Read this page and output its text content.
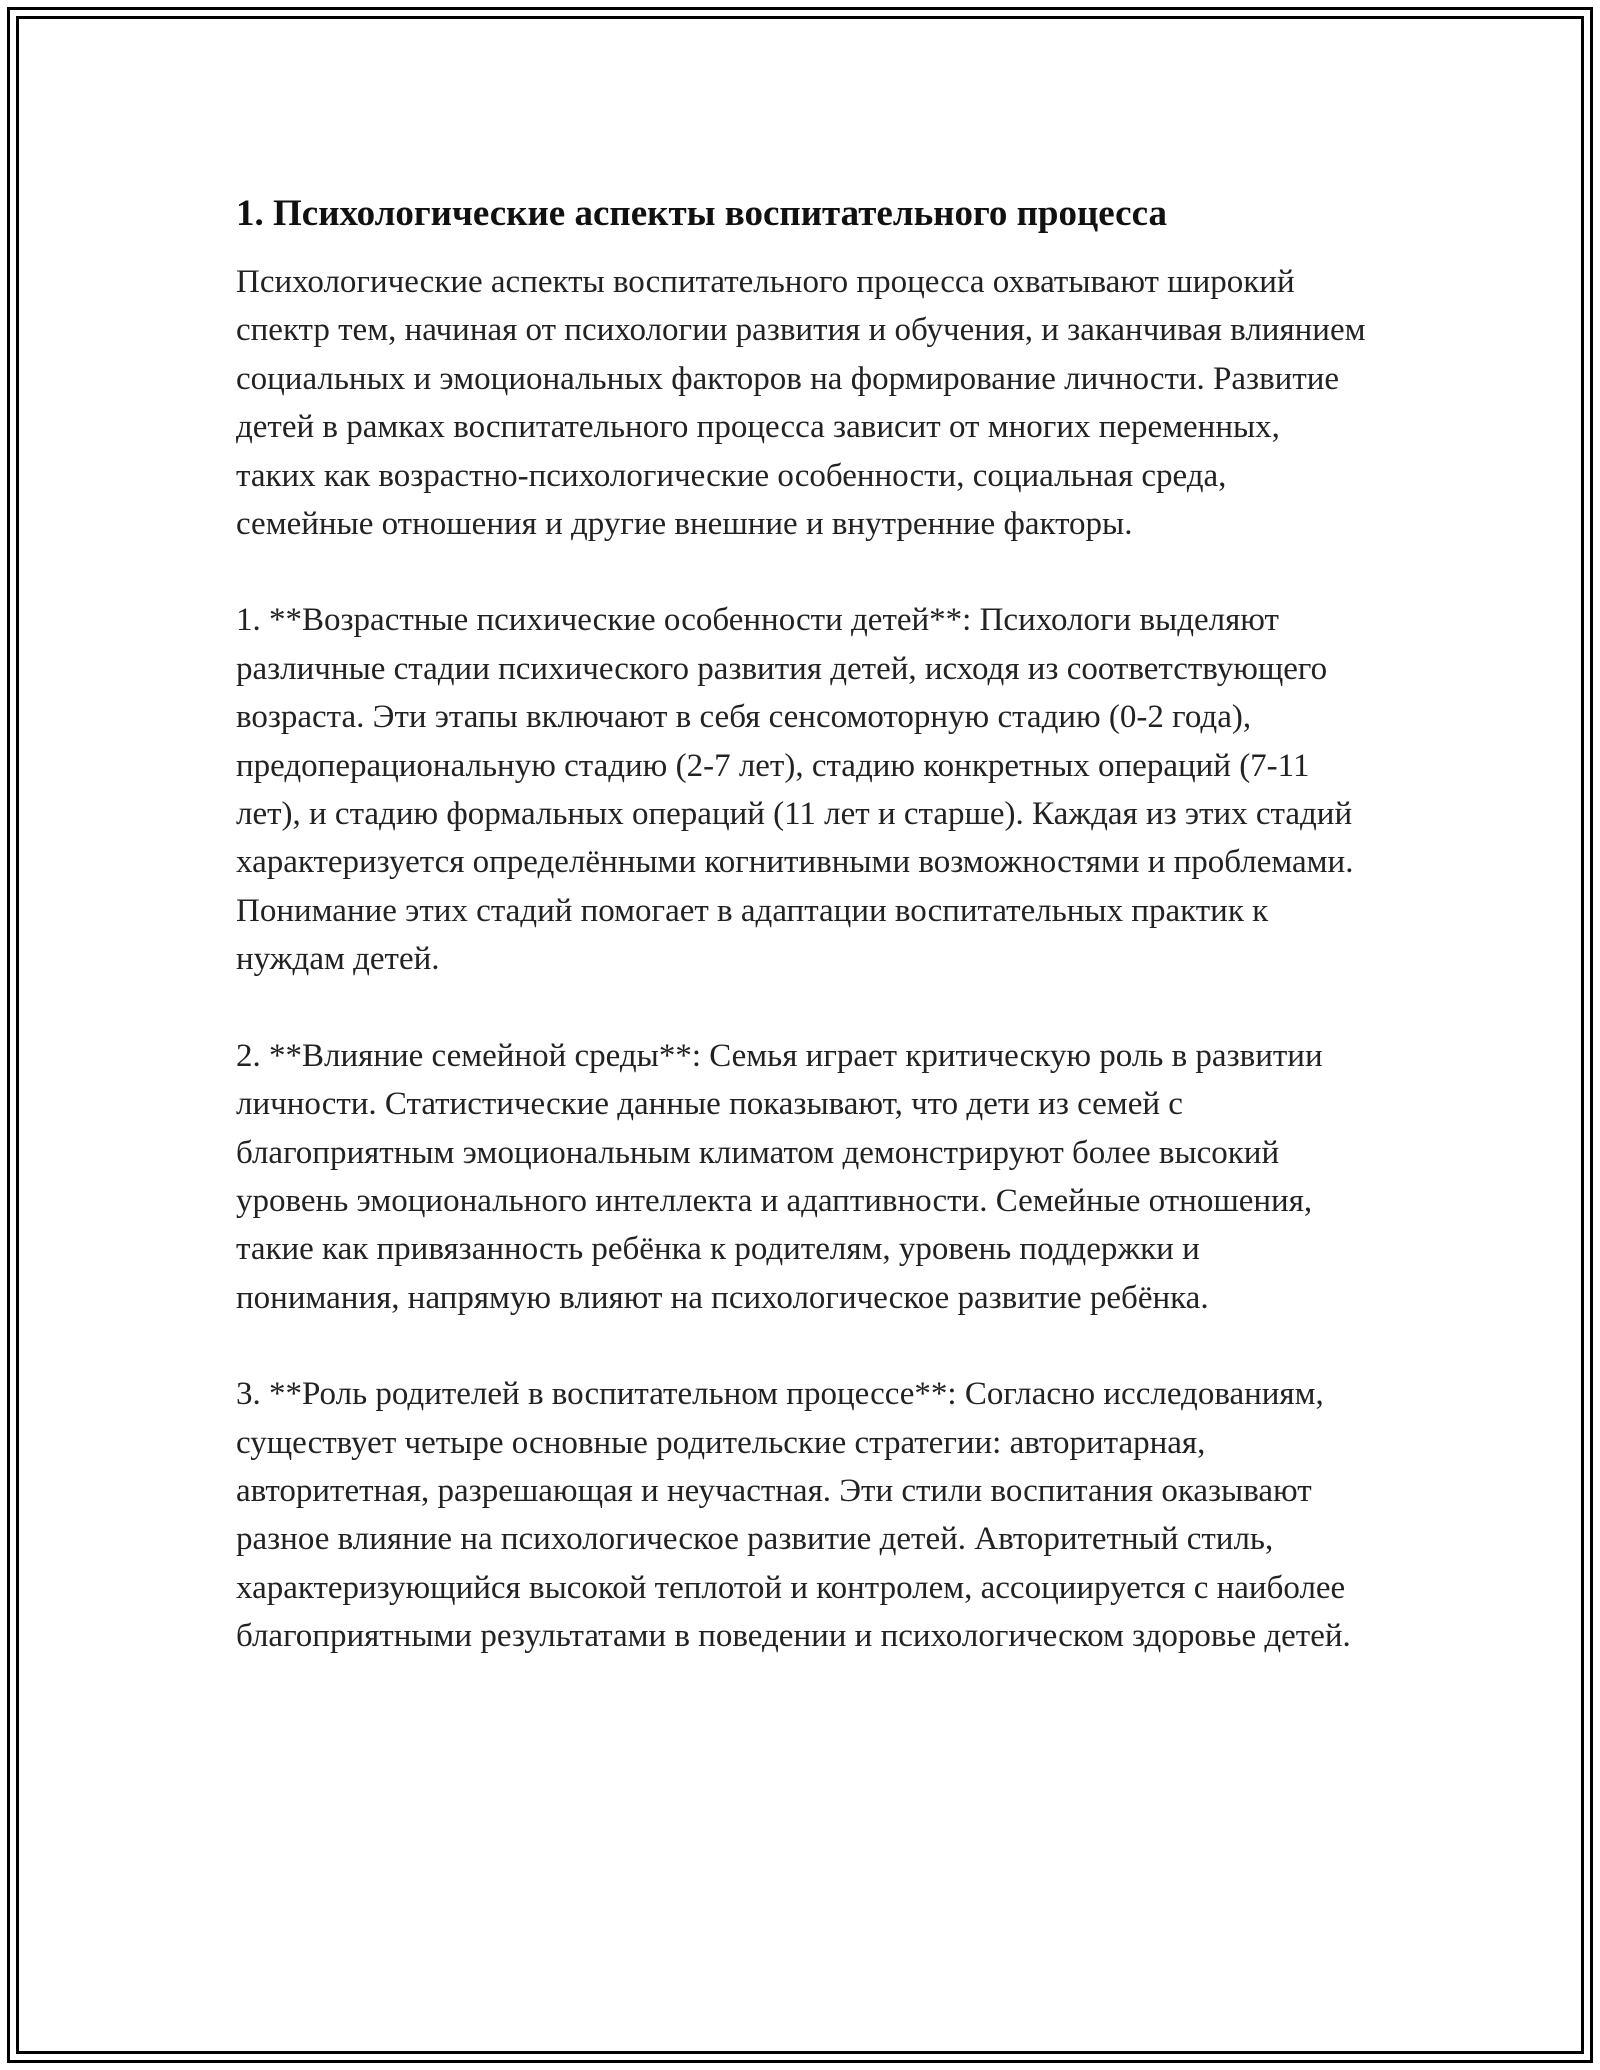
1. Психологические аспекты воспитательного процесса

Психологические аспекты воспитательного процесса охватывают широкий спектр тем, начиная от психологии развития и обучения, и заканчивая влиянием социальных и эмоциональных факторов на формирование личности. Развитие детей в рамках воспитательного процесса зависит от многих переменных, таких как возрастно-психологические особенности, социальная среда, семейные отношения и другие внешние и внутренние факторы.

1. **Возрастные психические особенности детей**: Психологи выделяют различные стадии психического развития детей, исходя из соответствующего возраста. Эти этапы включают в себя сенсомоторную стадию (0-2 года), предоперациональную стадию (2-7 лет), стадию конкретных операций (7-11 лет), и стадию формальных операций (11 лет и старше). Каждая из этих стадий характеризуется определёнными когнитивными возможностями и проблемами. Понимание этих стадий помогает в адаптации воспитательных практик к нуждам детей.

2. **Влияние семейной среды**: Семья играет критическую роль в развитии личности. Статистические данные показывают, что дети из семей с благоприятным эмоциональным климатом демонстрируют более высокий уровень эмоционального интеллекта и адаптивности. Семейные отношения, такие как привязанность ребёнка к родителям, уровень поддержки и понимания, напрямую влияют на психологическое развитие ребёнка.

3. **Роль родителей в воспитательном процессе**: Согласно исследованиям, существует четыре основные родительские стратегии: авторитарная, авторитетная, разрешающая и неучастная. Эти стили воспитания оказывают разное влияние на психологическое развитие детей. Авторитетный стиль, характеризующийся высокой теплотой и контролем, ассоциируется с наиболее благоприятными результатами в поведении и психологическом здоровье детей.
